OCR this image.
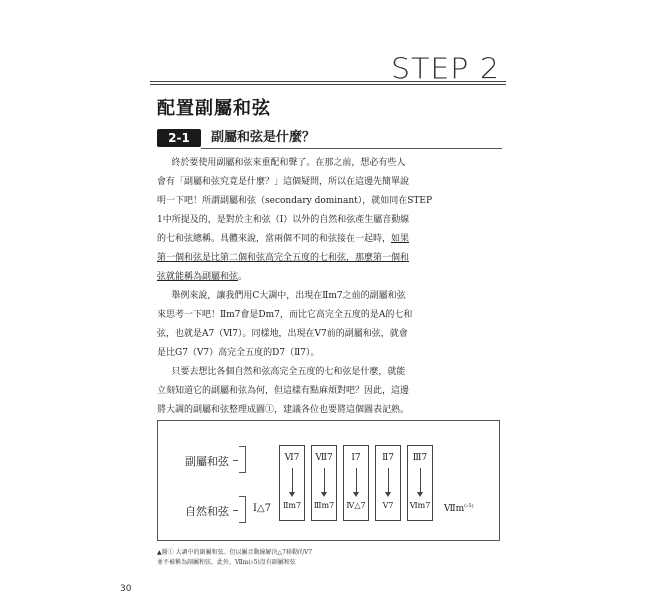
STEP 2
配置副屬和弦
2-1	副屬和弦是什麼？

終於要使用副屬和弦來重配和聲了。在那之前，想必有些人
會有「副屬和弦究竟是什麼？」這個疑問，所以在這邊先簡單說
明一下吧！所謂副屬和弦（secondary dominant），就如同在STEP
1中所提及的，是對於主和弦（Ⅰ）以外的自然和弦產生屬音動線
的七和弦總稱。具體來說，當兩個不同的和弦接在一起時，如果
第一個和弦是比第二個和弦高完全五度的七和弦，那麼第一個和
弦就能稱為副屬和弦。

舉例來說，讓我們用C大調中，出現在Ⅱm7之前的副屬和弦
來思考一下吧！Ⅱm7會是Dm7，而比它高完全五度的是A的七和
弦，也就是A7（Ⅵ7）。同樣地，出現在Ⅴ7前的副屬和弦，就會
是比G7（Ⅴ7）高完全五度的D7（Ⅱ7）。

只要去想比各個自然和弦高完全五度的七和弦是什麼，就能
立刻知道它的副屬和弦為何，但這樣有點麻煩對吧？因此，這邊
將大調的副屬和弦整理成圖①，建議各位也要將這個圖表記熟。

副屬和弦
自然和弦 Ⅰ△7
Ⅵ7
Ⅱm7
Ⅶ7
Ⅲm7
Ⅰ7
Ⅳ△7
Ⅱ7
Ⅴ7
Ⅲ7
Ⅵm7 $Ⅶm^{(♭5)}$
▲圖① 大調中的副屬和弦。但以屬音動線解決△7移動的Ⅴ7
並不被稱為副屬和弦。此外，Ⅶm(♭5)沒有副屬和弦
30
